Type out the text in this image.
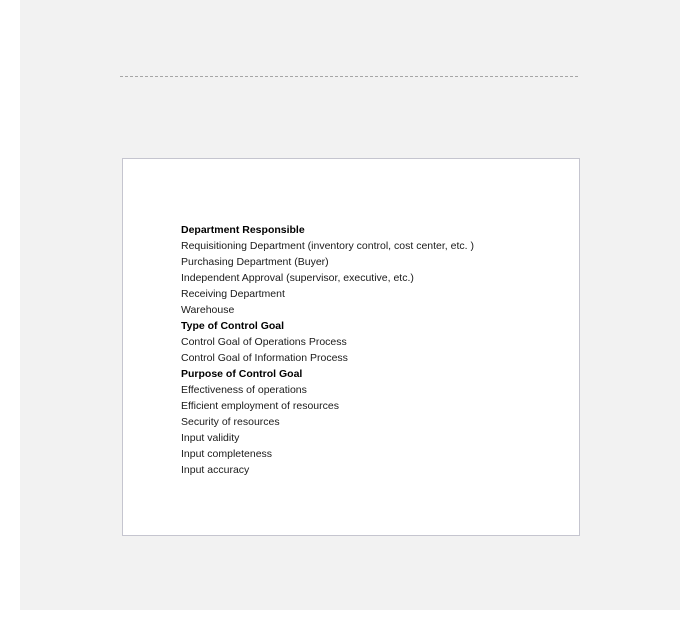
Department Responsible
Requisitioning Department (inventory control, cost center, etc. )
Purchasing Department (Buyer)
Independent Approval (supervisor, executive, etc.)
Receiving Department
Warehouse
Type of Control Goal
Control Goal of Operations Process
Control Goal of Information Process
Purpose of Control Goal
Effectiveness of operations
Efficient employment of resources
Security of resources
Input validity
Input completeness
Input accuracy
